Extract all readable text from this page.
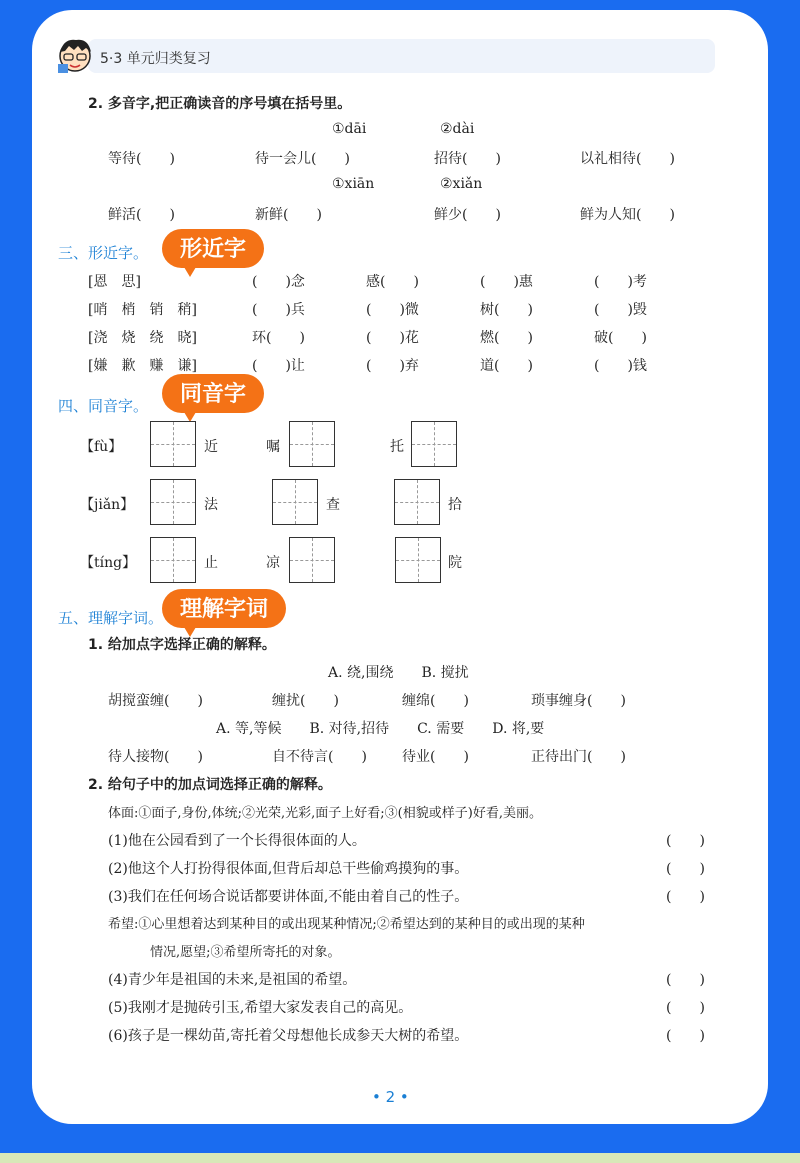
5·3 单元归类复习
2. 多音字,把正确读音的序号填在括号里。
①dāi	②dài
等待(　　)	待一会儿(　　)	招待(　　)	以礼相待(　　)
①xiān	②xiǎn
鲜活(　　)	新鲜(　　)	鲜少(　　)	鲜为人知(　　)
三、形近字。	形近字
[恩　思]	(　　)念	感(　　)	(　　)惠	(　　)考
[哨　梢　销　稍]	(　　)兵	(　　)微	树(　　)	(　　)毁
[浇　烧　绕　晓]	环(　　)	(　　)花	燃(　　)	破(　　)
[嫌　歉　赚　谦]	(　　)让	(　　)弃	道(　　)	(　　)钱
四、同音字。	同音字
【fù】	近	嘱	托
【jiǎn】	法	查	拾
【tíng】	止	凉	院
五、理解字词。 理解字词
1. 给加点字选择正确的解释。
A. 绕,围绕　　B. 搅扰
胡搅蛮缠(　　)	缠扰(　　)	缠绵(　　)	琐事缠身(　　)
A. 等,等候　　B. 对待,招待　　C. 需要　　D. 将,要
待人接物(　　)	自不待言(　　)	待业(　　)	正待出门(　　)
2. 给句子中的加点词选择正确的解释。
体面:①面子,身份,体统;②光荣,光彩,面子上好看;③(相貌或样子)好看,美丽。
(1)他在公园看到了一个长得很体面的人。	(　　)
(2)他这个人打扮得很体面,但背后却总干些偷鸡摸狗的事。	(　　)
(3)我们在任何场合说话都要讲体面,不能由着自己的性子。	(　　)
希望:①心里想着达到某种目的或出现某种情况;②希望达到的某种目的或出现的某种
情况,愿望;③希望所寄托的对象。
(4)青少年是祖国的未来,是祖国的希望。	(　　)
(5)我刚才是抛砖引玉,希望大家发表自己的高见。	(　　)
(6)孩子是一棵幼苗,寄托着父母想他长成参天大树的希望。	(　　)
• 2 •
